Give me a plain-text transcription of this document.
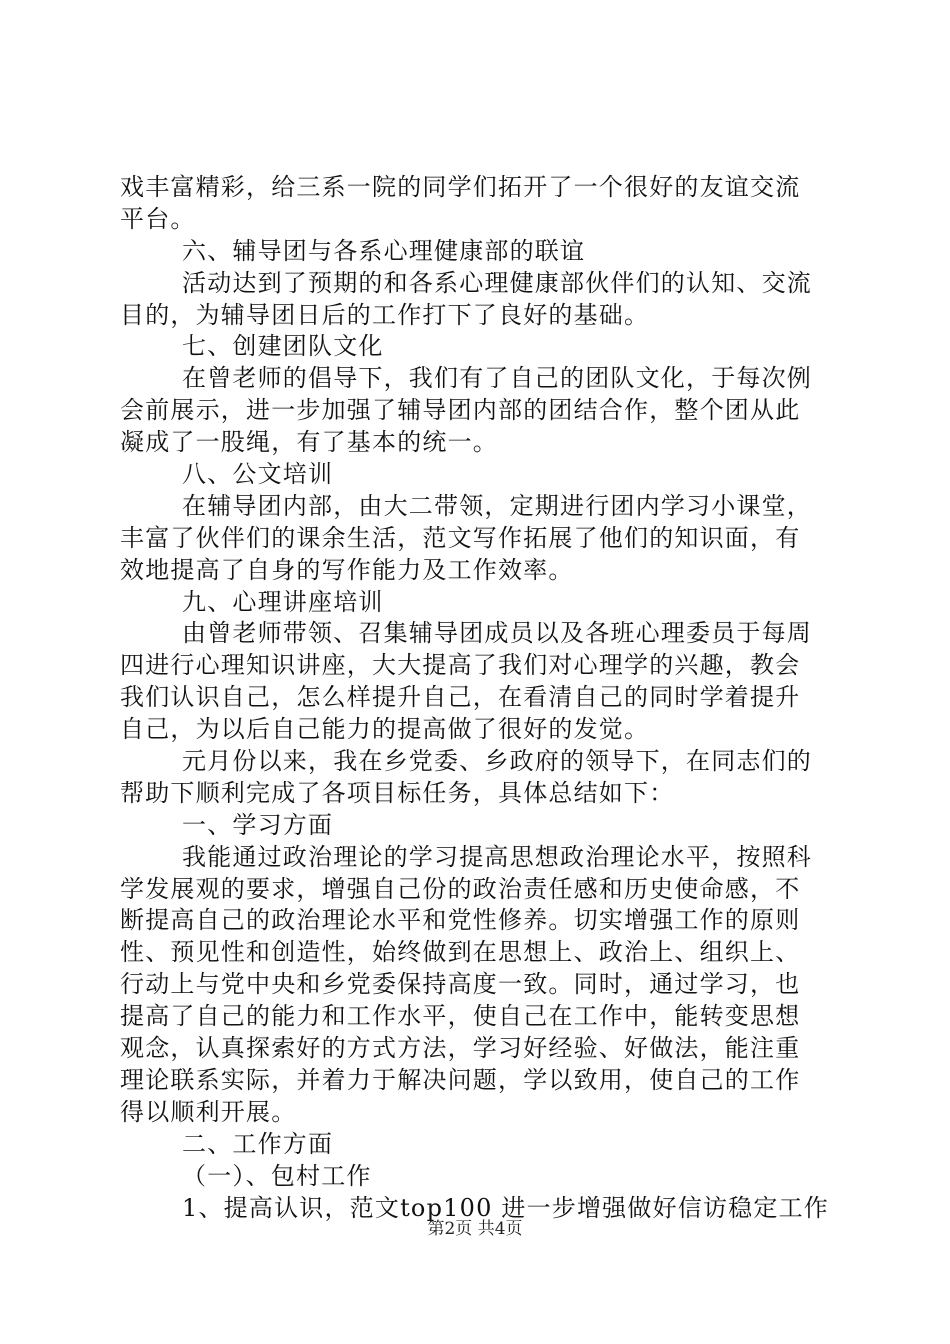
戏丰富精彩，给三系一院的同学们拓开了一个很好的友谊交流
平台。
六、辅导团与各系心理健康部的联谊
活动达到了预期的和各系心理健康部伙伴们的认知、交流
目的，为辅导团日后的工作打下了良好的基础。
七、创建团队文化
在曾老师的倡导下，我们有了自己的团队文化，于每次例
会前展示，进一步加强了辅导团内部的团结合作，整个团从此
凝成了一股绳，有了基本的统一。
八、公文培训
在辅导团内部，由大二带领，定期进行团内学习小课堂，
丰富了伙伴们的课余生活，范文写作拓展了他们的知识面，有
效地提高了自身的写作能力及工作效率。
九、心理讲座培训
由曾老师带领、召集辅导团成员以及各班心理委员于每周
四进行心理知识讲座，大大提高了我们对心理学的兴趣，教会
我们认识自己，怎么样提升自己，在看清自己的同时学着提升
自己，为以后自己能力的提高做了很好的发觉。
元月份以来，我在乡党委、乡政府的领导下，在同志们的
帮助下顺利完成了各项目标任务，具体总结如下：
一、学习方面
我能通过政治理论的学习提高思想政治理论水平，按照科
学发展观的要求，增强自己份的政治责任感和历史使命感，不
断提高自己的政治理论水平和党性修养。切实增强工作的原则
性、预见性和创造性，始终做到在思想上、政治上、组织上、
行动上与党中央和乡党委保持高度一致。同时，通过学习，也
提高了自己的能力和工作水平，使自己在工作中，能转变思想
观念，认真探索好的方式方法，学习好经验、好做法，能注重
理论联系实际，并着力于解决问题，学以致用，使自己的工作
得以顺利开展。
二、工作方面
（一）、包村工作
1、提高认识，范文top100 进一步增强做好信访稳定工作
第2页 共4页
